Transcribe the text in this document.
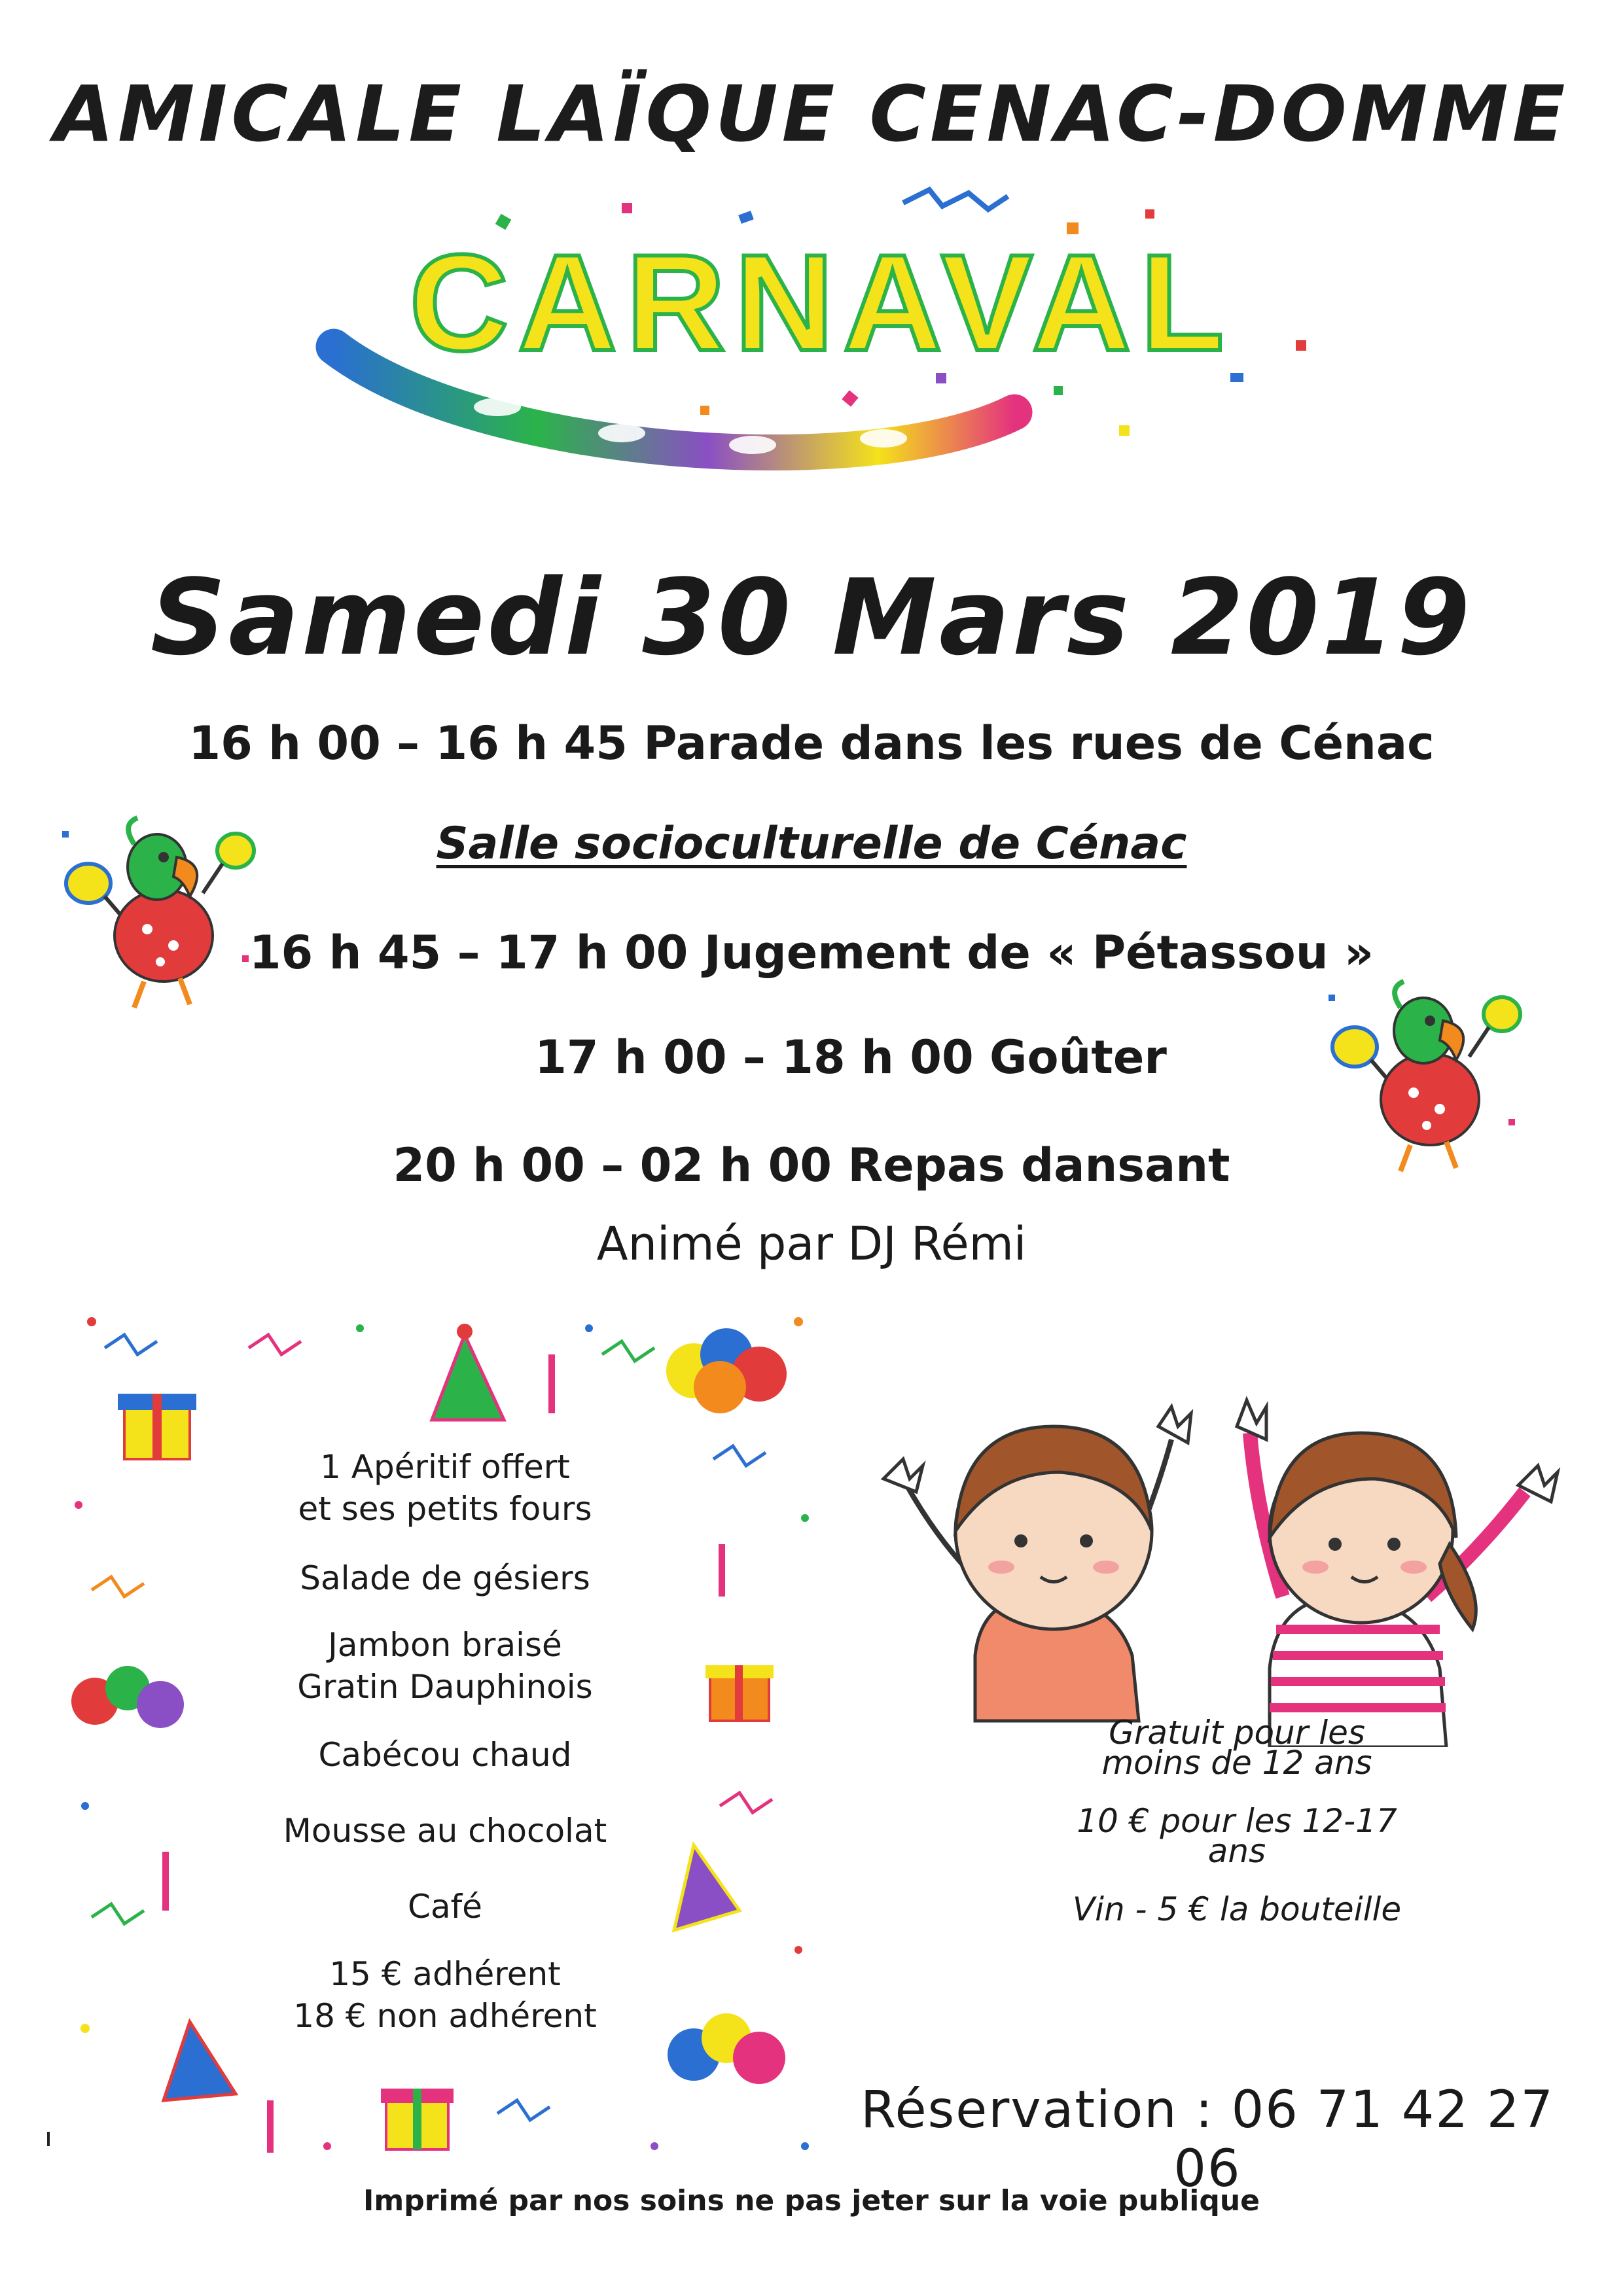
AMICALE LAÏQUE CENAC-DOMME
CARNAVAL
Samedi 30 Mars 2019
16 h 00 – 16 h 45 Parade dans les rues de Cénac
Salle socioculturelle de Cénac
16 h 45 – 17 h 00 Jugement de « Pétassou »
17 h 00 – 18 h 00 Goûter
20 h 00 – 02 h 00 Repas dansant
Animé par DJ Rémi
1 Apéritif offert
et ses petits fours
Salade de gésiers
Jambon braisé
Gratin Dauphinois
Cabécou chaud
Mousse au chocolat
Café
15 € adhérent
18 € non adhérent
Gratuit pour les
moins de 12 ans
10 € pour les 12-17
ans
Vin - 5 € la bouteille
Réservation : 06 71 42 27 06
Imprimé par nos soins ne pas jeter sur la voie publique
